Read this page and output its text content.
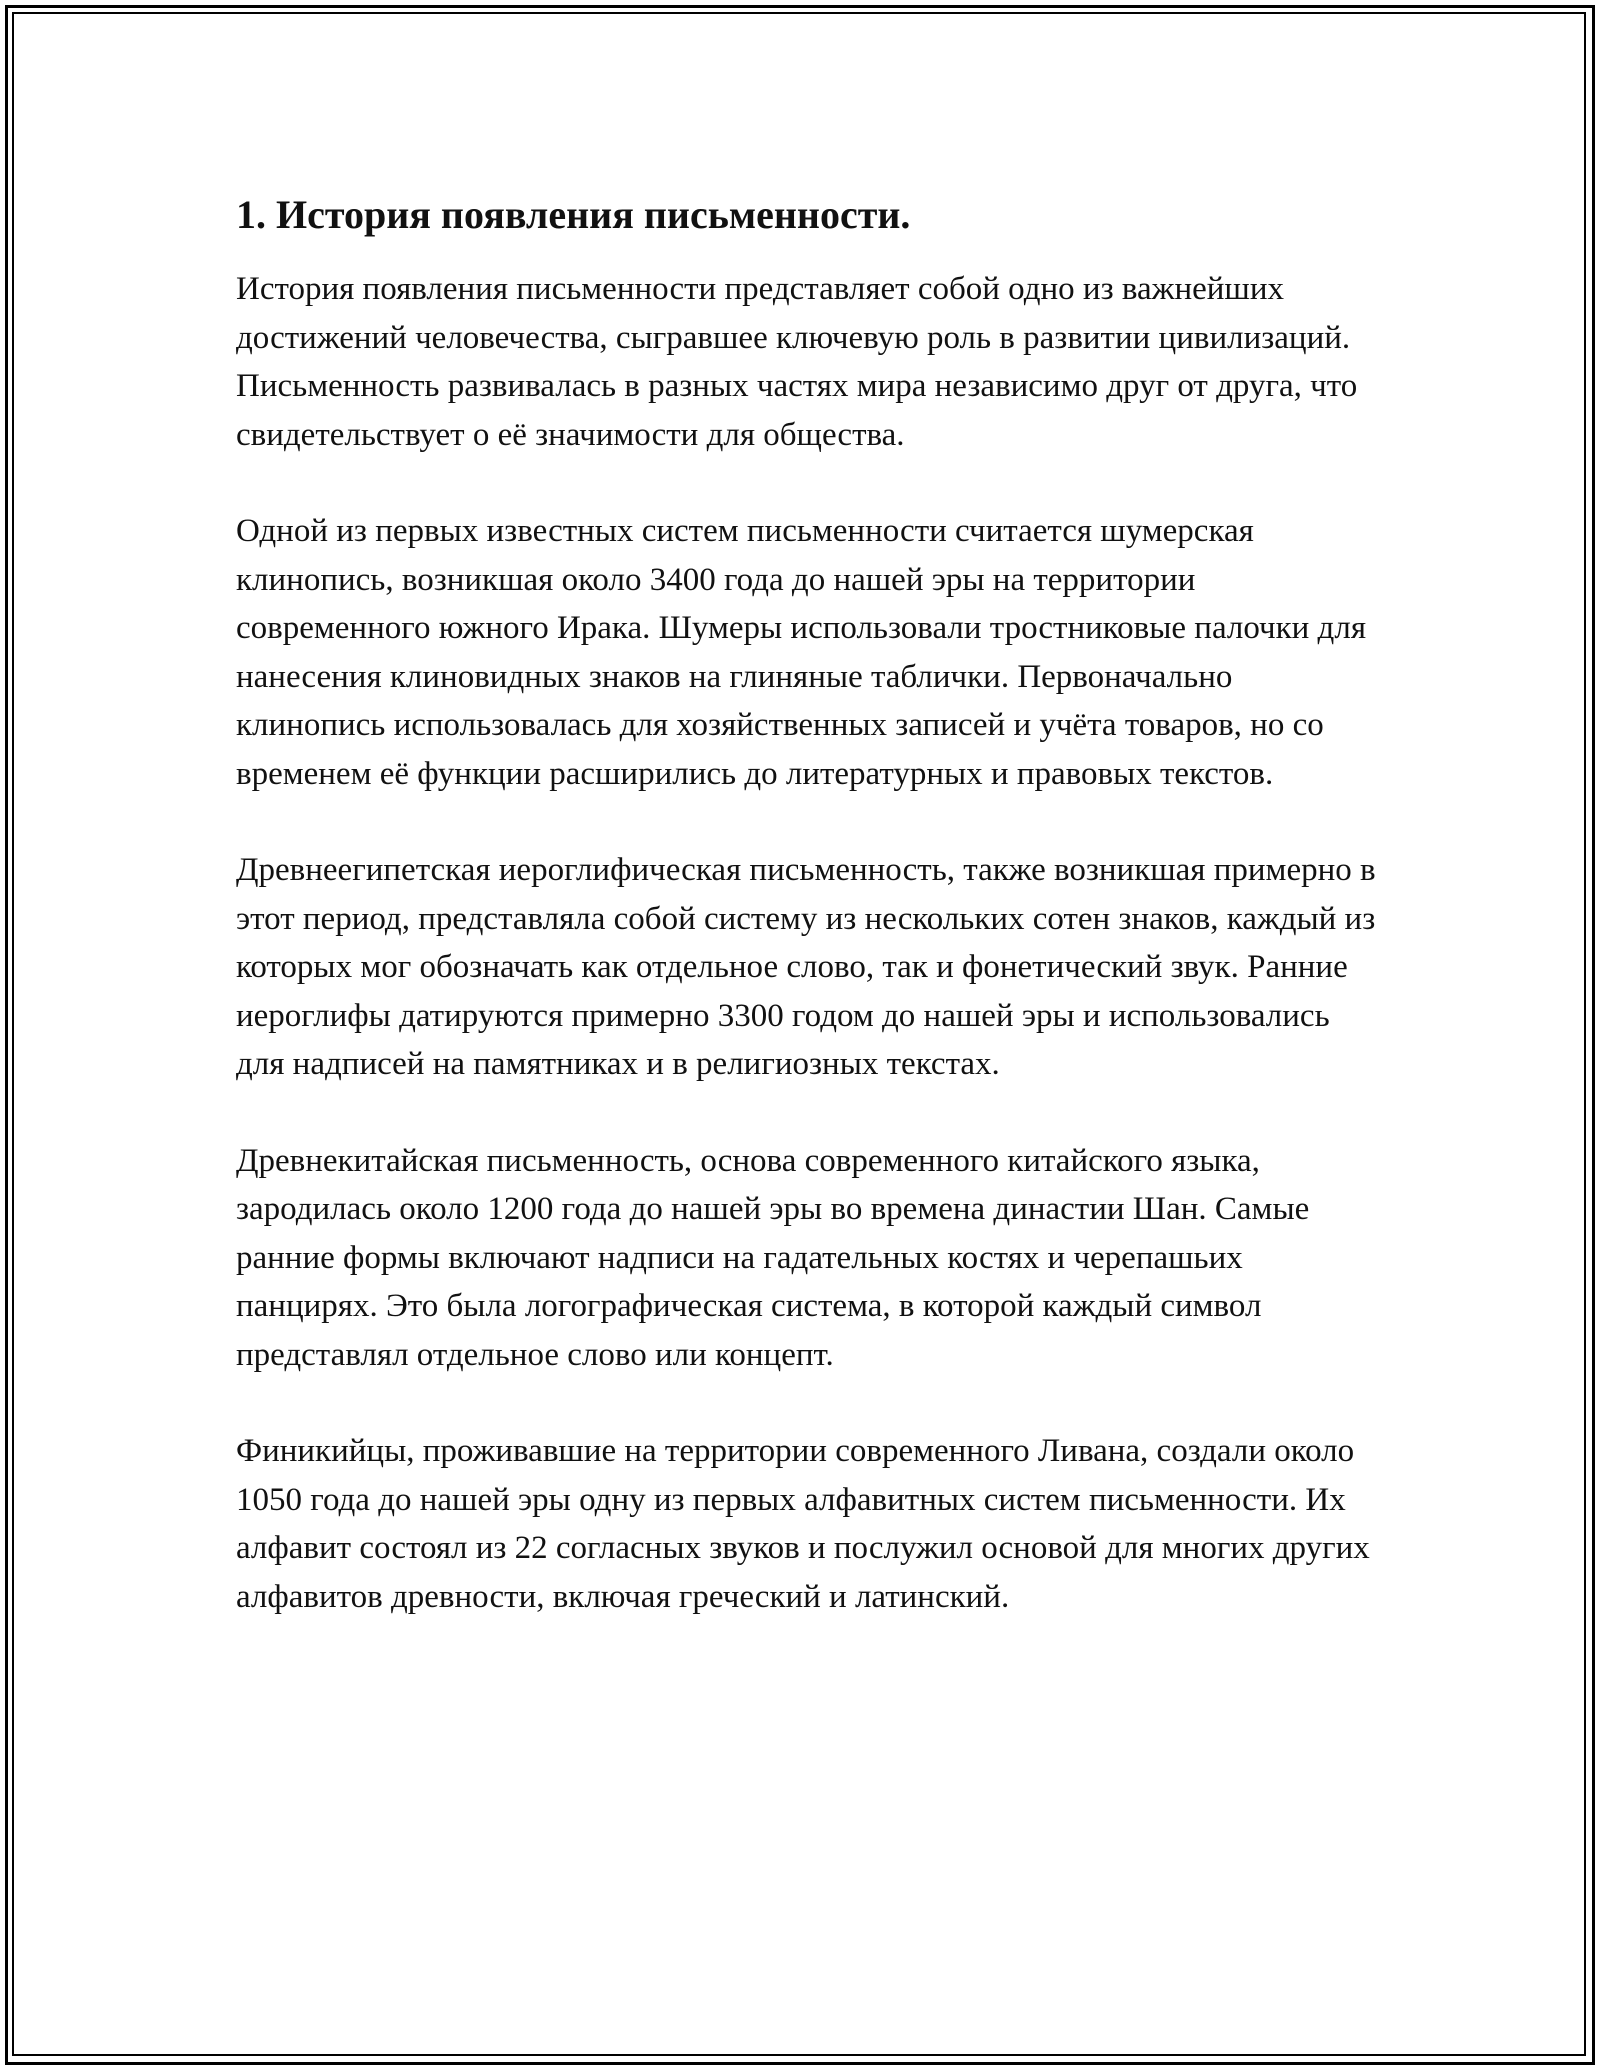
1. История появления письменности.

История появления письменности представляет собой одно из важнейших достижений человечества, сыгравшее ключевую роль в развитии цивилизаций. Письменность развивалась в разных частях мира независимо друг от друга, что свидетельствует о её значимости для общества.

Одной из первых известных систем письменности считается шумерская клинопись, возникшая около 3400 года до нашей эры на территории современного южного Ирака. Шумеры использовали тростниковые палочки для нанесения клиновидных знаков на глиняные таблички. Первоначально клинопись использовалась для хозяйственных записей и учёта товаров, но со временем её функции расширились до литературных и правовых текстов.

Древнеегипетская иероглифическая письменность, также возникшая примерно в этот период, представляла собой систему из нескольких сотен знаков, каждый из которых мог обозначать как отдельное слово, так и фонетический звук. Ранние иероглифы датируются примерно 3300 годом до нашей эры и использовались для надписей на памятниках и в религиозных текстах.

Древнекитайская письменность, основа современного китайского языка, зародилась около 1200 года до нашей эры во времена династии Шан. Самые ранние формы включают надписи на гадательных костях и черепашьих панцирях. Это была логографическая система, в которой каждый символ представлял отдельное слово или концепт.

Финикийцы, проживавшие на территории современного Ливана, создали около 1050 года до нашей эры одну из первых алфавитных систем письменности. Их алфавит состоял из 22 согласных звуков и послужил основой для многих других алфавитов древности, включая греческий и латинский.
